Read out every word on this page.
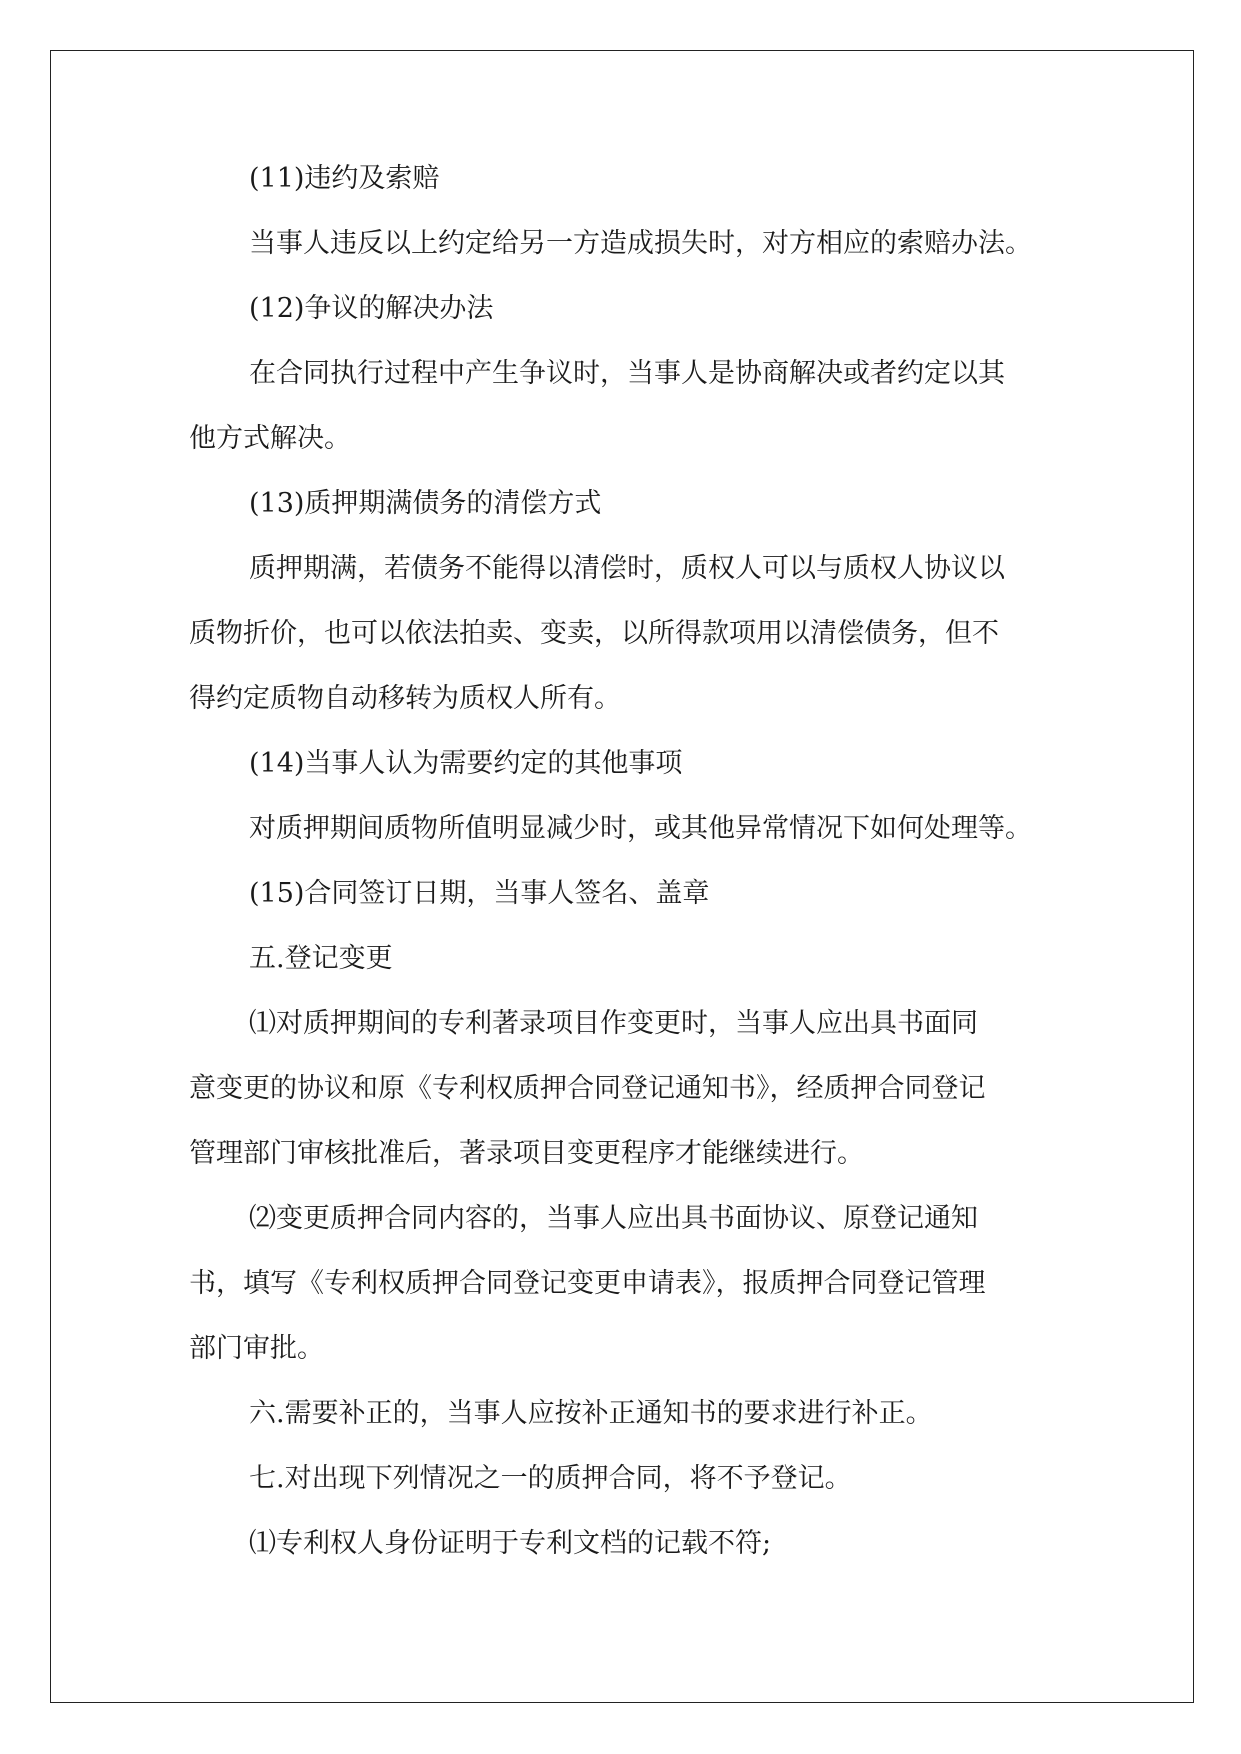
(11)违约及索赔
当事人违反以上约定给另一方造成损失时，对方相应的索赔办法。
(12)争议的解决办法
在合同执行过程中产生争议时，当事人是协商解决或者约定以其
他方式解决。
(13)质押期满债务的清偿方式
质押期满，若债务不能得以清偿时，质权人可以与质权人协议以
质物折价，也可以依法拍卖、变卖，以所得款项用以清偿债务，但不
得约定质物自动移转为质权人所有。
(14)当事人认为需要约定的其他事项
对质押期间质物所值明显减少时，或其他异常情况下如何处理等。
(15)合同签订日期，当事人签名、盖章
五.登记变更
⑴对质押期间的专利著录项目作变更时，当事人应出具书面同
意变更的协议和原《专利权质押合同登记通知书》，经质押合同登记
管理部门审核批准后，著录项目变更程序才能继续进行。
⑵变更质押合同内容的，当事人应出具书面协议、原登记通知
书，填写《专利权质押合同登记变更申请表》，报质押合同登记管理
部门审批。
六.需要补正的，当事人应按补正通知书的要求进行补正。
七.对出现下列情况之一的质押合同，将不予登记。
⑴专利权人身份证明于专利文档的记载不符;
